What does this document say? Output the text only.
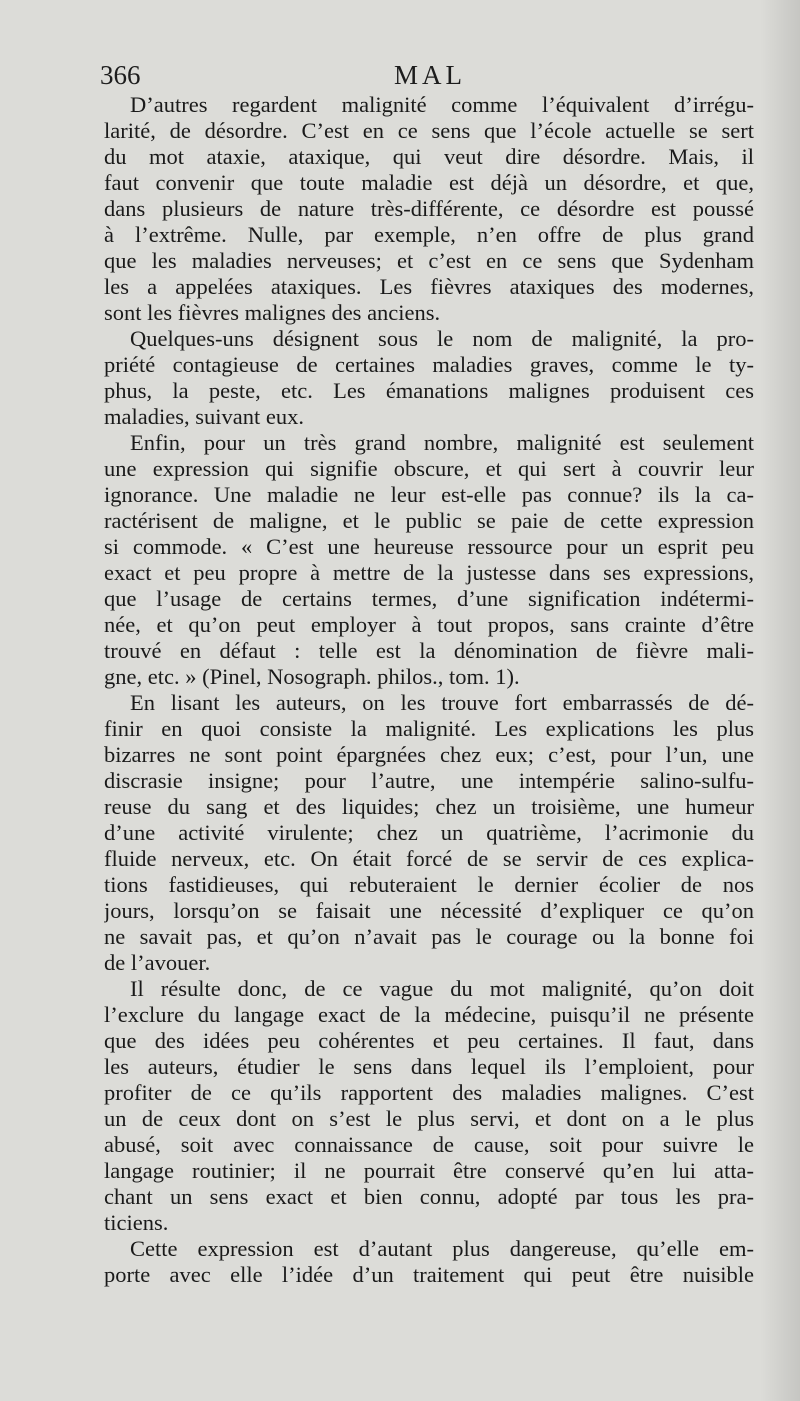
366	MAL
D’autres regardent malignité comme l’équivalent d’irrégu-
larité, de désordre. C’est en ce sens que l’école actuelle se sert
du mot ataxie, ataxique, qui veut dire désordre. Mais, il
faut convenir que toute maladie est déjà un désordre, et que,
dans plusieurs de nature très-différente, ce désordre est poussé
à l’extrême. Nulle, par exemple, n’en offre de plus grand
que les maladies nerveuses; et c’est en ce sens que Sydenham
les a appelées ataxiques. Les fièvres ataxiques des modernes,
sont les fièvres malignes des anciens.
Quelques-uns désignent sous le nom de malignité, la pro-
priété contagieuse de certaines maladies graves, comme le ty-
phus, la peste, etc. Les émanations malignes produisent ces
maladies, suivant eux.
Enfin, pour un très grand nombre, malignité est seulement
une expression qui signifie obscure, et qui sert à couvrir leur
ignorance. Une maladie ne leur est-elle pas connue? ils la ca-
ractérisent de maligne, et le public se paie de cette expression
si commode. « C’est une heureuse ressource pour un esprit peu
exact et peu propre à mettre de la justesse dans ses expressions,
que l’usage de certains termes, d’une signification indétermi-
née, et qu’on peut employer à tout propos, sans crainte d’être
trouvé en défaut : telle est la dénomination de fièvre mali-
gne, etc. » (Pinel, Nosograph. philos., tom. 1).
En lisant les auteurs, on les trouve fort embarrassés de dé-
finir en quoi consiste la malignité. Les explications les plus
bizarres ne sont point épargnées chez eux; c’est, pour l’un, une
discrasie insigne; pour l’autre, une intempérie salino-sulfu-
reuse du sang et des liquides; chez un troisième, une humeur
d’une activité virulente; chez un quatrième, l’acrimonie du
fluide nerveux, etc. On était forcé de se servir de ces explica-
tions fastidieuses, qui rebuteraient le dernier écolier de nos
jours, lorsqu’on se faisait une nécessité d’expliquer ce qu’on
ne savait pas, et qu’on n’avait pas le courage ou la bonne foi
de l’avouer.
Il résulte donc, de ce vague du mot malignité, qu’on doit
l’exclure du langage exact de la médecine, puisqu’il ne présente
que des idées peu cohérentes et peu certaines. Il faut, dans
les auteurs, étudier le sens dans lequel ils l’emploient, pour
profiter de ce qu’ils rapportent des maladies malignes. C’est
un de ceux dont on s’est le plus servi, et dont on a le plus
abusé, soit avec connaissance de cause, soit pour suivre le
langage routinier; il ne pourrait être conservé qu’en lui atta-
chant un sens exact et bien connu, adopté par tous les pra-
ticiens.
Cette expression est d’autant plus dangereuse, qu’elle em-
porte avec elle l’idée d’un traitement qui peut être nuisible
